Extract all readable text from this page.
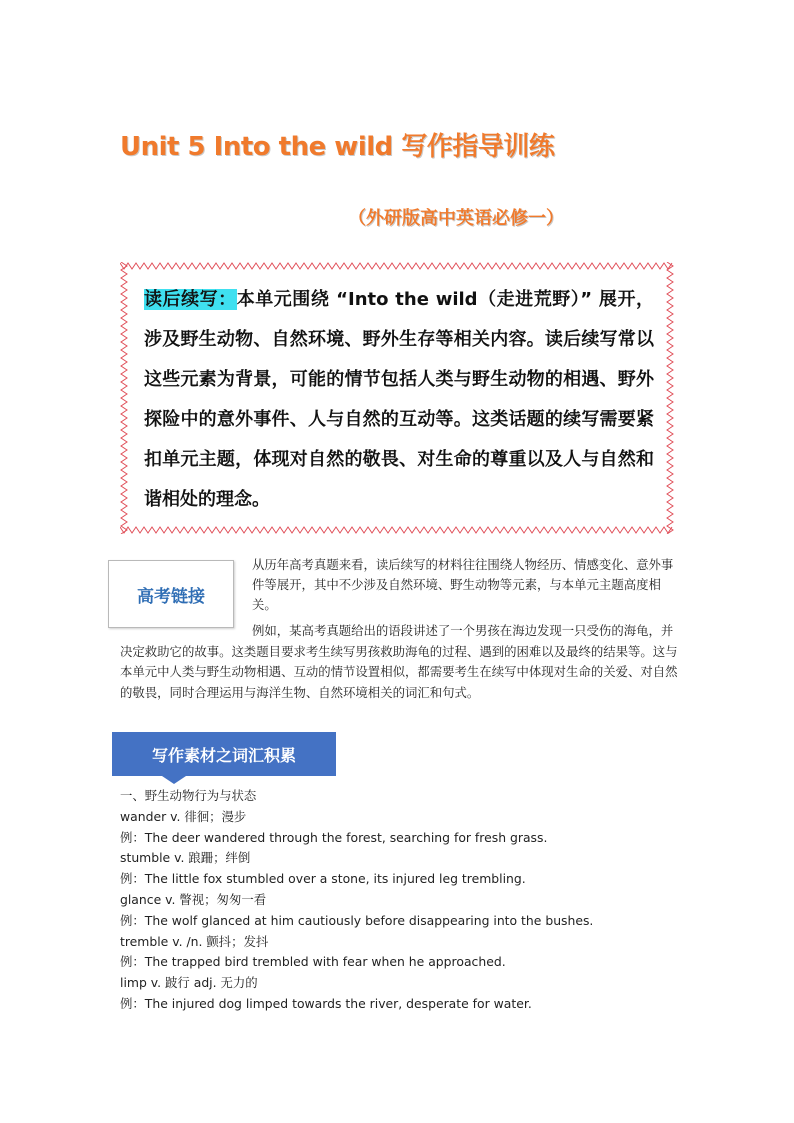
Unit 5 Into the wild 写作指导训练
（外研版高中英语必修一）
读后续写：本单元围绕 “Into the wild（走进荒野）” 展开，涉及野生动物、自然环境、野外生存等相关内容。读后续写常以这些元素为背景，可能的情节包括人类与野生动物的相遇、野外探险中的意外事件、人与自然的互动等。这类话题的续写需要紧扣单元主题，体现对自然的敬畏、对生命的尊重以及人与自然和谐相处的理念。
高考链接
从历年高考真题来看，读后续写的材料往往围绕人物经历、情感变化、意外事件等展开，其中不少涉及自然环境、野生动物等元素，与本单元主题高度相关。
例如，某高考真题给出的语段讲述了一个男孩在海边发现一只受伤的海龟，并决定救助它的故事。这类题目要求考生续写男孩救助海龟的过程、遇到的困难以及最终的结果等。这与本单元中人类与野生动物相遇、互动的情节设置相似，都需要考生在续写中体现对生命的关爱、对自然的敬畏，同时合理运用与海洋生物、自然环境相关的词汇和句式。
写作素材之词汇积累
一、野生动物行为与状态
wander v. 徘徊；漫步
例：The deer wandered through the forest, searching for fresh grass.
stumble v. 踉跚；绊倒
例：The little fox stumbled over a stone, its injured leg trembling.
glance v. 瞥视；匆匆一看
例：The wolf glanced at him cautiously before disappearing into the bushes.
tremble v. /n. 颤抖；发抖
例：The trapped bird trembled with fear when he approached.
limp v. 跛行 adj. 无力的
例：The injured dog limped towards the river, desperate for water.
